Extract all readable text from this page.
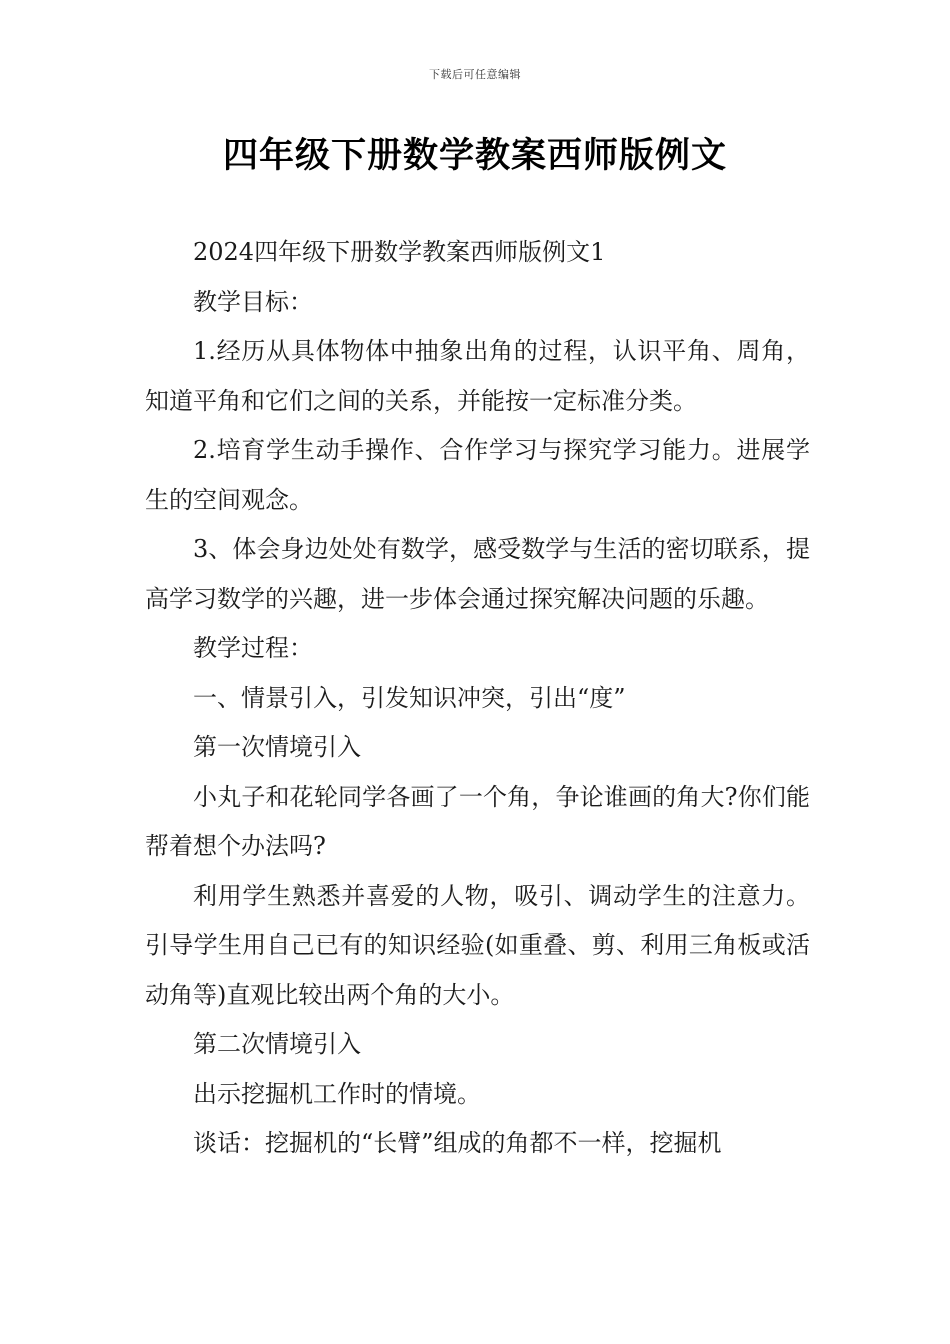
下载后可任意编辑
四年级下册数学教案西师版例文

2024四年级下册数学教案西师版例文1

教学目标：

1.经历从具体物体中抽象出角的过程，认识平角、周角，知道平角和它们之间的关系，并能按一定标准分类。

2.培育学生动手操作、合作学习与探究学习能力。进展学生的空间观念。

3、体会身边处处有数学，感受数学与生活的密切联系，提高学习数学的兴趣，进一步体会通过探究解决问题的乐趣。

教学过程：

一、情景引入，引发知识冲突，引出“度”

第一次情境引入

小丸子和花轮同学各画了一个角，争论谁画的角大?你们能帮着想个办法吗?

利用学生熟悉并喜爱的人物，吸引、调动学生的注意力。引导学生用自己已有的知识经验(如重叠、剪、利用三角板或活动角等)直观比较出两个角的大小。

第二次情境引入

出示挖掘机工作时的情境。

谈话：挖掘机的“长臂”组成的角都不一样，挖掘机
